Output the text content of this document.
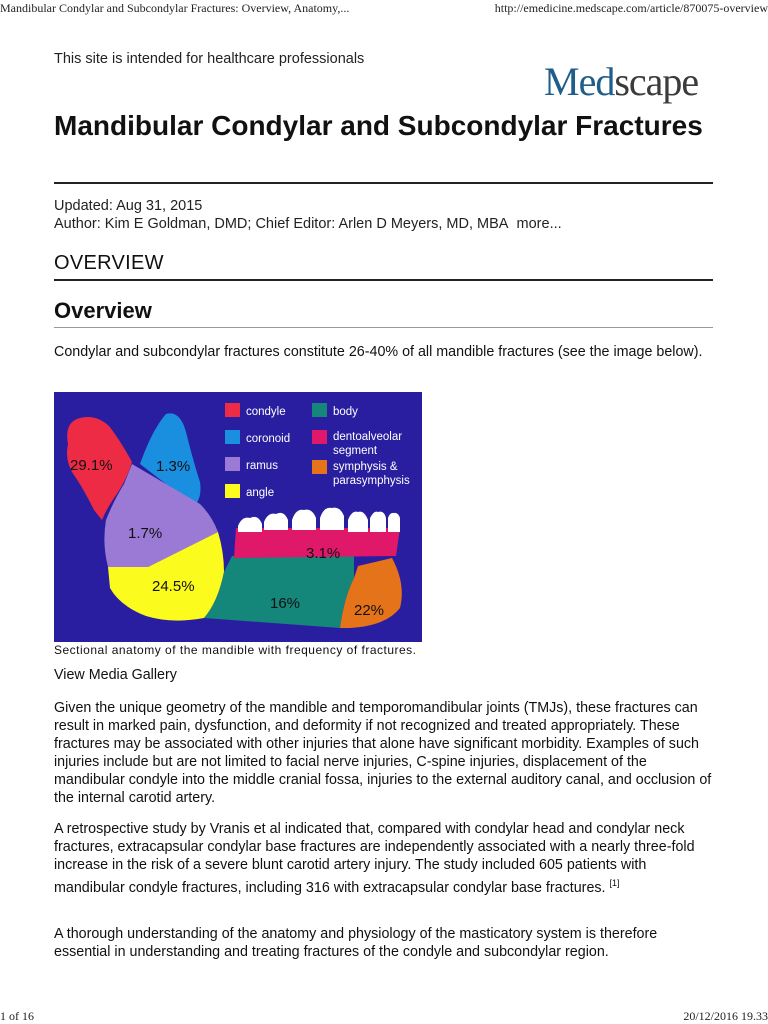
Mandibular Condylar and Subcondylar Fractures: Overview, Anatomy,...	http://emedicine.medscape.com/article/870075-overview
This site is intended for healthcare professionals	Medscape
Mandibular Condylar and Subcondylar Fractures
Updated: Aug 31, 2015
Author: Kim E Goldman, DMD; Chief Editor: Arlen D Meyers, MD, MBA more...
OVERVIEW
Overview

Condylar and subcondylar fractures constitute 26-40% of all mandible fractures (see the image below).

29.1%	1.3%
1.7%
24.5%
16%
3.1%
22%
condyle
coronoid
ramus
angle
body
dentoalveolar
segment
symphysis &
parasymphysis
Sectional anatomy of the mandible with frequency of fractures.
View Media Gallery

Given the unique geometry of the mandible and temporomandibular joints (TMJs), these fractures can result in marked pain, dysfunction, and deformity if not recognized and treated appropriately. These fractures may be associated with other injuries that alone have significant morbidity. Examples of such injuries include but are not limited to facial nerve injuries, C-spine injuries, displacement of the mandibular condyle into the middle cranial fossa, injuries to the external auditory canal, and occlusion of the internal carotid artery.

A retrospective study by Vranis et al indicated that, compared with condylar head and condylar neck fractures, extracapsular condylar base fractures are independently associated with a nearly three-fold increase in the risk of a severe blunt carotid artery injury. The study included 605 patients with mandibular condyle fractures, including 316 with extracapsular condylar base fractures. [1]

A thorough understanding of the anatomy and physiology of the masticatory system is therefore essential in understanding and treating fractures of the condyle and subcondylar region.

1 of 16	20/12/2016 19.33
